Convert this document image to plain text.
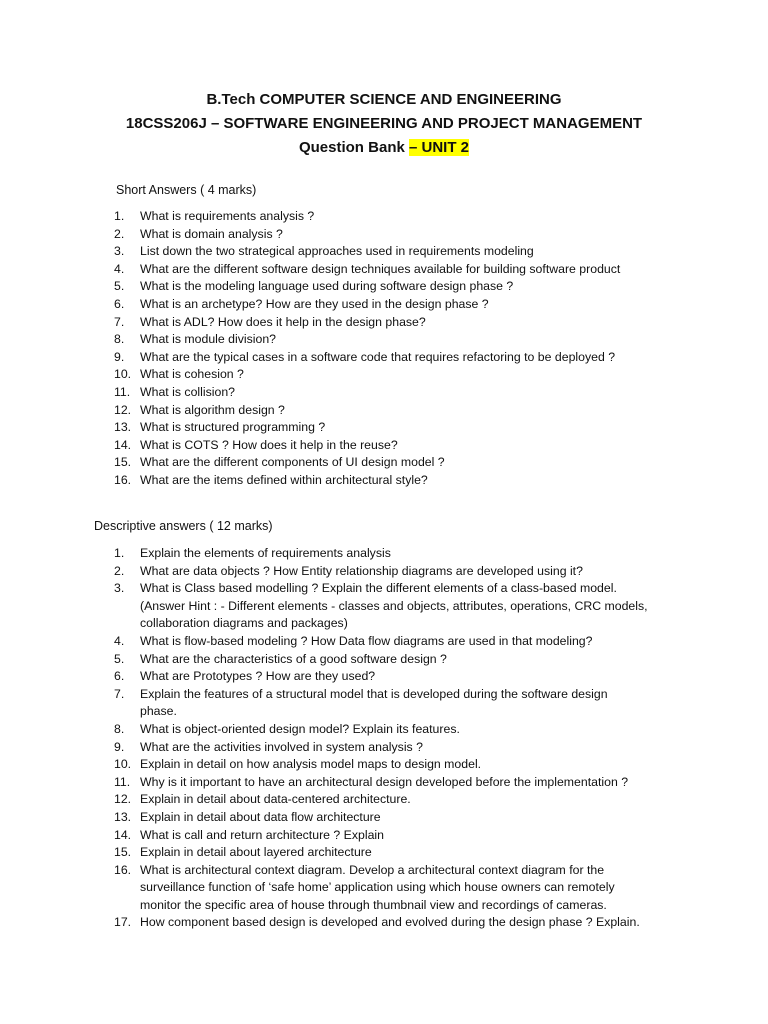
B.Tech COMPUTER SCIENCE AND ENGINEERING
18CSS206J – SOFTWARE ENGINEERING AND PROJECT MANAGEMENT
Question Bank – UNIT 2
Short Answers ( 4 marks)
1. What is requirements analysis ?
2. What is domain analysis ?
3. List down the two strategical approaches used in requirements modeling
4. What are the different software design techniques available for building software product
5. What is the modeling language used during software design phase ?
6. What is an archetype? How are they used in the design phase ?
7. What is ADL? How does it help in the design phase?
8. What is module division?
9. What are the typical cases in a software code that requires refactoring to be deployed ?
10. What is cohesion ?
11. What is collision?
12. What is algorithm design ?
13. What is structured programming ?
14. What is COTS ? How does it help in the reuse?
15. What are the different components of UI design model ?
16. What are the items defined within architectural style?
Descriptive answers ( 12 marks)
1. Explain the elements of requirements analysis
2. What are data objects ? How Entity relationship diagrams are developed using it?
3. What is Class based modelling ? Explain the different elements of a class-based model.
(Answer Hint : - Different elements - classes and objects, attributes, operations, CRC models,
collaboration diagrams and packages)
4. What is flow-based modeling ? How Data flow diagrams are used in that modeling?
5. What are the characteristics of a good software design ?
6. What are Prototypes ? How are they used?
7. Explain the features of a structural model that is developed during the software design
phase.
8. What is object-oriented design model? Explain its features.
9. What are the activities involved in system analysis ?
10. Explain in detail on how analysis model maps to design model.
11. Why is it important to have an architectural design developed before the implementation ?
12. Explain in detail about data-centered architecture.
13. Explain in detail about data flow architecture
14. What is call and return architecture ? Explain
15. Explain in detail about layered architecture
16. What is architectural context diagram. Develop a architectural context diagram for the
surveillance function of ‘safe home’ application using which house owners can remotely
monitor the specific area of house through thumbnail view and recordings of cameras.
17. How component based design is developed and evolved during the design phase ? Explain.
